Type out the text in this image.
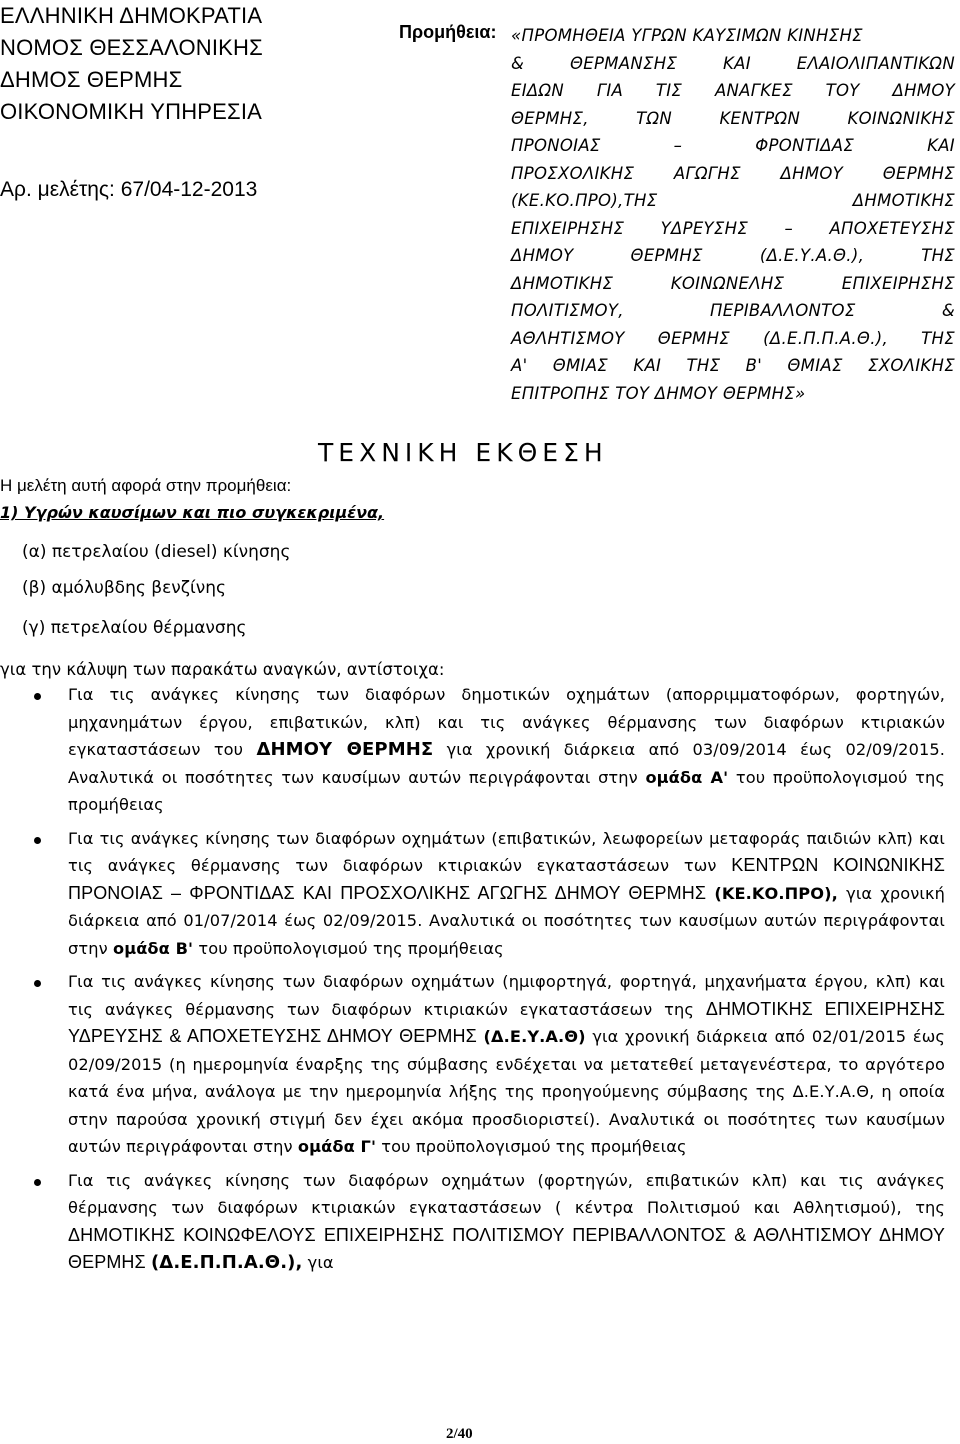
ΕΛΛΗΝΙΚΗ ΔΗΜΟΚΡΑΤΙΑ
ΝΟΜΟΣ ΘΕΣΣΑΛΟΝΙΚΗΣ
ΔΗΜΟΣ ΘΕΡΜΗΣ
ΟΙΚΟΝΟΜΙΚΗ ΥΠΗΡΕΣΙΑ
Αρ. μελέτης: 67/04-12-2013
Προμήθεια: «ΠΡΟΜΗΘΕΙΑ ΥΓΡΩΝ ΚΑΥΣΙΜΩΝ ΚΙΝΗΣΗΣ
&	ΘΕΡΜΑΝΣΗΣ	ΚΑΙ	ΕΛΑΙΟΛΙΠΑΝΤΙΚΩΝ
ΕΙΔΩΝ ΓΙΑ ΤΙΣ ΑΝΑΓΚΕΣ ΤΟΥ ΔΗΜΟΥ
ΘΕΡΜΗΣ,	ΤΩΝ	ΚΕΝΤΡΩΝ	ΚΟΙΝΩΝΙΚΗΣ
ΠΡΟΝΟΙΑΣ	–	ΦΡΟΝΤΙΔΑΣ	ΚΑΙ
ΠΡΟΣΧΟΛΙΚΗΣ ΑΓΩΓΗΣ ΔΗΜΟΥ ΘΕΡΜΗΣ
(ΚΕ.ΚΟ.ΠΡΟ),ΤΗΣ	ΔΗΜΟΤΙΚΗΣ
ΕΠΙΧΕΙΡΗΣΗΣ ΥΔΡΕΥΣΗΣ – ΑΠΟΧΕΤΕΥΣΗΣ
ΔΗΜΟΥ	ΘΕΡΜΗΣ	(Δ.Ε.Υ.Α.Θ.),	ΤΗΣ
ΔΗΜΟΤΙΚΗΣ	ΚΟΙΝΩΝΕΛΗΣ	ΕΠΙΧΕΙΡΗΣΗΣ
ΠΟΛΙΤΙΣΜΟΥ,	ΠΕΡΙΒΑΛΛΟΝΤΟΣ	&
ΑΘΛΗΤΙΣΜΟΥ ΘΕΡΜΗΣ (Δ.Ε.Π.Π.Α.Θ.), ΤΗΣ
Α' ΘΜΙΑΣ ΚΑΙ ΤΗΣ Β' ΘΜΙΑΣ ΣΧΟΛΙΚΗΣ
ΕΠΙΤΡΟΠΗΣ ΤΟΥ ΔΗΜΟΥ ΘΕΡΜΗΣ»
ΤΕΧΝΙΚΗ ΕΚΘΕΣΗ
Η μελέτη αυτή αφορά στην προμήθεια:
1) Υγρών καυσίμων και πιο συγκεκριμένα,
(α) πετρελαίου (diesel) κίνησης
(β) αμόλυβδης βενζίνης
(γ) πετρελαίου θέρμανσης
για την κάλυψη των παρακάτω αναγκών, αντίστοιχα:
Για τις ανάγκες κίνησης των διαφόρων δημοτικών οχημάτων (απορριμματοφόρων, φορτηγών, μηχανημάτων έργου, επιβατικών, κλπ) και τις ανάγκες θέρμανσης των διαφόρων κτιριακών εγκαταστάσεων του ΔΗΜΟΥ ΘΕΡΜΗΣ για χρονική διάρκεια από 03/09/2014 έως 02/09/2015. Αναλυτικά οι ποσότητες των καυσίμων αυτών περιγράφονται στην ομάδα Α' του προϋπολογισμού της προμήθειας
Για τις ανάγκες κίνησης των διαφόρων οχημάτων (επιβατικών, λεωφορείων μεταφοράς παιδιών κλπ) και τις ανάγκες θέρμανσης των διαφόρων κτιριακών εγκαταστάσεων των ΚΕΝΤΡΩΝ ΚΟΙΝΩΝΙΚΗΣ ΠΡΟΝΟΙΑΣ – ΦΡΟΝΤΙΔΑΣ ΚΑΙ ΠΡΟΣΧΟΛΙΚΗΣ ΑΓΩΓΗΣ ΔΗΜΟΥ ΘΕΡΜΗΣ (ΚΕ.ΚΟ.ΠΡΟ), για χρονική διάρκεια από 01/07/2014 έως 02/09/2015. Αναλυτικά οι ποσότητες των καυσίμων αυτών περιγράφονται στην ομάδα Β' του προϋπολογισμού της προμήθειας
Για τις ανάγκες κίνησης των διαφόρων οχημάτων (ημιφορτηγά, φορτηγά, μηχανήματα έργου, κλπ) και τις ανάγκες θέρμανσης των διαφόρων κτιριακών εγκαταστάσεων της ΔΗΜΟΤΙΚΗΣ ΕΠΙΧΕΙΡΗΣΗΣ ΥΔΡΕΥΣΗΣ & ΑΠΟΧΕΤΕΥΣΗΣ ΔΗΜΟΥ ΘΕΡΜΗΣ (Δ.Ε.Υ.Α.Θ) για χρονική διάρκεια από 02/01/2015 έως 02/09/2015 (η ημερομηνία έναρξης της σύμβασης ενδέχεται να μετατεθεί μεταγενέστερα, το αργότερο κατά ένα μήνα, ανάλογα με την ημερομηνία λήξης της προηγούμενης σύμβασης της Δ.Ε.Υ.Α.Θ, η οποία στην παρούσα χρονική στιγμή δεν έχει ακόμα προσδιοριστεί). Αναλυτικά οι ποσότητες των καυσίμων αυτών περιγράφονται στην ομάδα Γ' του προϋπολογισμού της προμήθειας
Για τις ανάγκες κίνησης των διαφόρων οχημάτων (φορτηγών, επιβατικών κλπ) και τις ανάγκες θέρμανσης των διαφόρων κτιριακών εγκαταστάσεων ( κέντρα Πολιτισμού και Αθλητισμού), της ΔΗΜΟΤΙΚΗΣ ΚΟΙΝΩΦΕΛΟΥΣ ΕΠΙΧΕΙΡΗΣΗΣ ΠΟΛΙΤΙΣΜΟΥ ΠΕΡΙΒΑΛΛΟΝΤΟΣ & ΑΘΛΗΤΙΣΜΟΥ ΔΗΜΟΥ ΘΕΡΜΗΣ (Δ.Ε.Π.Π.Α.Θ.), για
2/40
